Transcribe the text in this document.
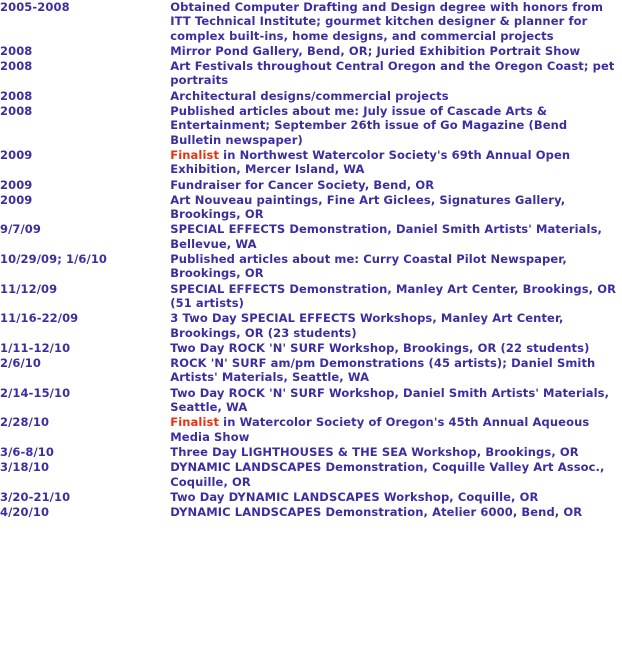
2005-2008	Obtained Computer Drafting and Design degree with honors from ITT Technical Institute; gourmet kitchen designer & planner for complex built-ins, home designs, and commercial projects
2008	Mirror Pond Gallery, Bend, OR; Juried Exhibition Portrait Show
2008	Art Festivals throughout Central Oregon and the Oregon Coast; pet portraits
2008	Architectural designs/commercial projects
2008	Published articles about me: July issue of Cascade Arts & Entertainment; September 26th issue of Go Magazine (Bend Bulletin newspaper)
2009	Finalist in Northwest Watercolor Society's 69th Annual Open Exhibition, Mercer Island, WA
2009	Fundraiser for Cancer Society, Bend, OR
2009	Art Nouveau paintings, Fine Art Giclees, Signatures Gallery, Brookings, OR
9/7/09	SPECIAL EFFECTS Demonstration, Daniel Smith Artists' Materials, Bellevue, WA
10/29/09; 1/6/10	Published articles about me: Curry Coastal Pilot Newspaper, Brookings, OR
11/12/09	SPECIAL EFFECTS Demonstration, Manley Art Center, Brookings, OR (51 artists)
11/16-22/09	3 Two Day SPECIAL EFFECTS Workshops, Manley Art Center, Brookings, OR (23 students)
1/11-12/10	Two Day ROCK 'N' SURF Workshop, Brookings, OR (22 students)
2/6/10	ROCK 'N' SURF am/pm Demonstrations (45 artists); Daniel Smith Artists' Materials, Seattle, WA
2/14-15/10	Two Day ROCK 'N' SURF Workshop, Daniel Smith Artists' Materials, Seattle, WA
2/28/10	Finalist in Watercolor Society of Oregon's 45th Annual Aqueous Media Show
3/6-8/10	Three Day LIGHTHOUSES & THE SEA Workshop, Brookings, OR
3/18/10	DYNAMIC LANDSCAPES Demonstration, Coquille Valley Art Assoc., Coquille, OR
3/20-21/10	Two Day DYNAMIC LANDSCAPES Workshop, Coquille, OR
4/20/10	DYNAMIC LANDSCAPES Demonstration, Atelier 6000, Bend, OR
